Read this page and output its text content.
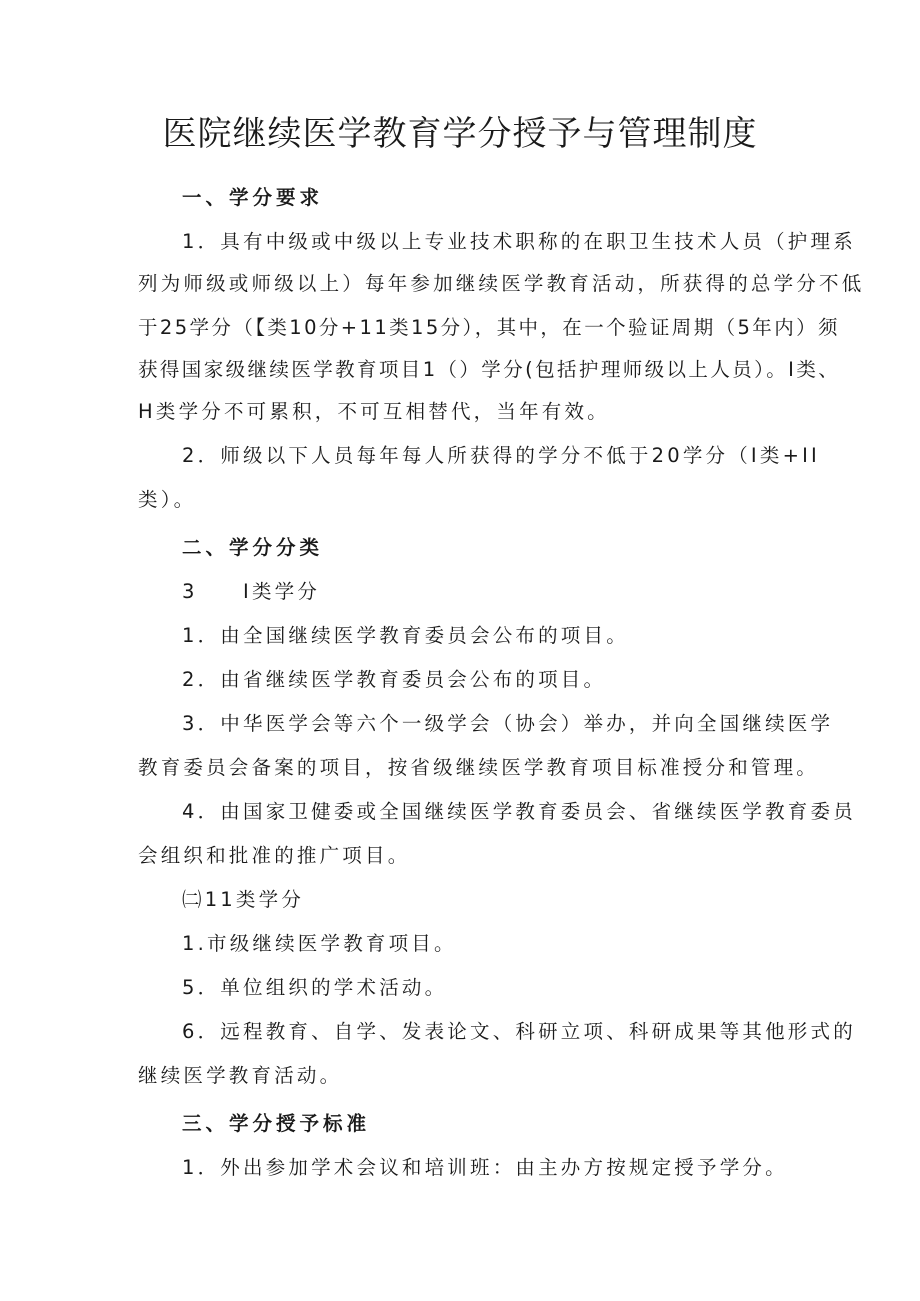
医院继续医学教育学分授予与管理制度
一、学分要求
1．具有中级或中级以上专业技术职称的在职卫生技术人员（护理系
列为师级或师级以上）每年参加继续医学教育活动，所获得的总学分不低
于25学分（【类10分+11类15分），其中，在一个验证周期（5年内）须
获得国家级继续医学教育项目1（）学分(包括护理师级以上人员）。I类、
H类学分不可累积，不可互相替代，当年有效。
2．师级以下人员每年每人所获得的学分不低于20学分（I类+II
类）。
二、学分分类
3　　I类学分
1．由全国继续医学教育委员会公布的项目。
2．由省继续医学教育委员会公布的项目。
3．中华医学会等六个一级学会（协会）举办，并向全国继续医学
教育委员会备案的项目，按省级继续医学教育项目标准授分和管理。
4．由国家卫健委或全国继续医学教育委员会、省继续医学教育委员
会组织和批准的推广项目。
㈡11类学分
1.市级继续医学教育项目。
5．单位组织的学术活动。
6．远程教育、自学、发表论文、科研立项、科研成果等其他形式的
继续医学教育活动。
三、学分授予标准
1．外出参加学术会议和培训班：由主办方按规定授予学分。
